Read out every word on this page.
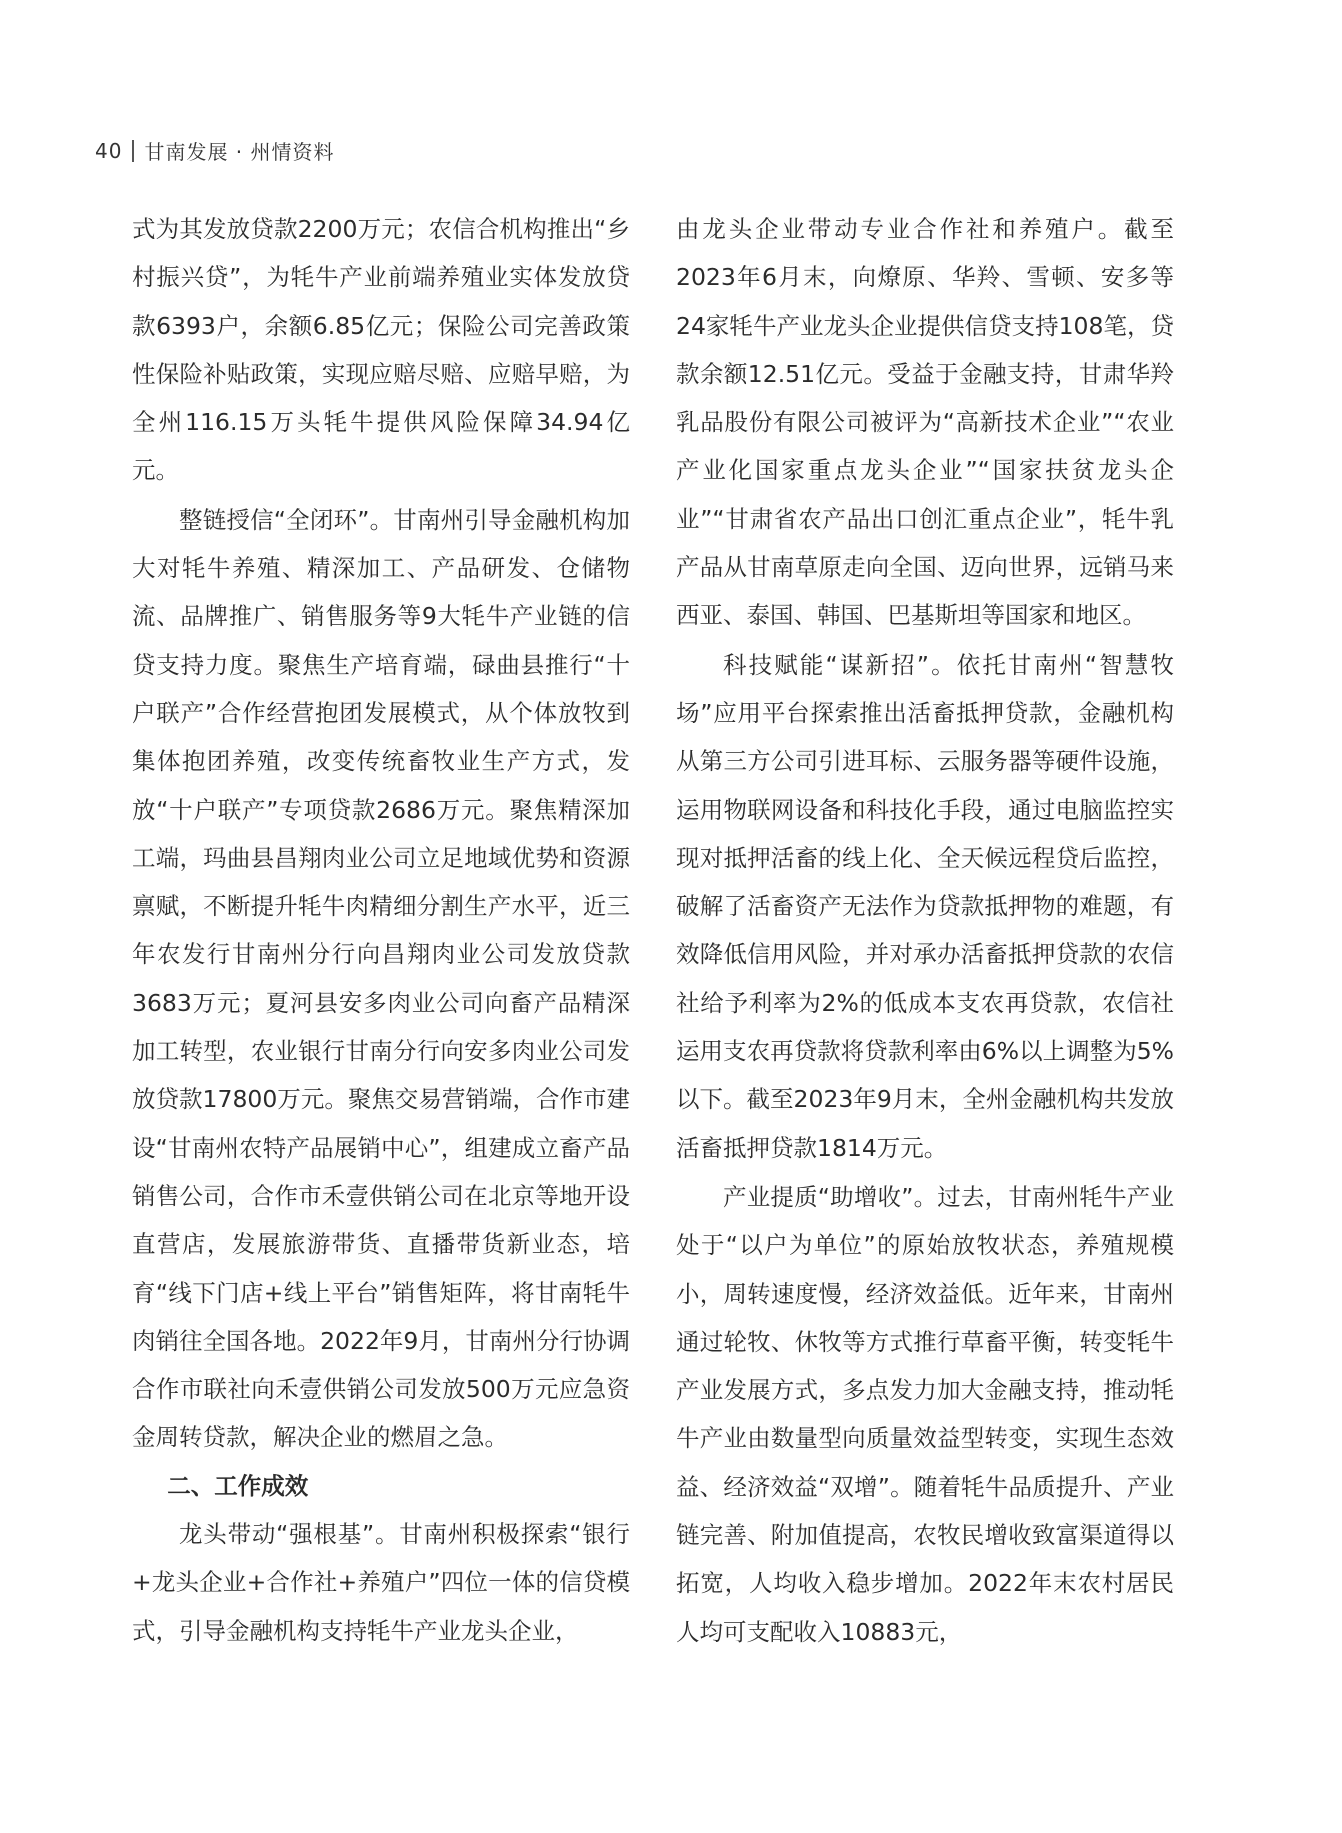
40 甘南发展 · 州情资料

式为其发放贷款2200万元；农信合机构推出“乡村振兴贷”，为牦牛产业前端养殖业实体发放贷款6393户，余额6.85亿元；保险公司完善政策性保险补贴政策，实现应赔尽赔、应赔早赔，为全州116.15万头牦牛提供风险保障34.94亿元。

整链授信“全闭环”。甘南州引导金融机构加大对牦牛养殖、精深加工、产品研发、仓储物流、品牌推广、销售服务等9大牦牛产业链的信贷支持力度。聚焦生产培育端，碌曲县推行“十户联产”合作经营抱团发展模式，从个体放牧到集体抱团养殖，改变传统畜牧业生产方式，发放“十户联产”专项贷款2686万元。聚焦精深加工端，玛曲县昌翔肉业公司立足地域优势和资源禀赋，不断提升牦牛肉精细分割生产水平，近三年农发行甘南州分行向昌翔肉业公司发放贷款3683万元；夏河县安多肉业公司向畜产品精深加工转型，农业银行甘南分行向安多肉业公司发放贷款17800万元。聚焦交易营销端，合作市建设“甘南州农特产品展销中心”，组建成立畜产品销售公司，合作市禾壹供销公司在北京等地开设直营店，发展旅游带货、直播带货新业态，培育“线下门店+线上平台”销售矩阵，将甘南牦牛肉销往全国各地。2022年9月，甘南州分行协调合作市联社向禾壹供销公司发放500万元应急资金周转贷款，解决企业的燃眉之急。

二、工作成效

龙头带动“强根基”。甘南州积极探索“银行+龙头企业+合作社+养殖户”四位一体的信贷模式，引导金融机构支持牦牛产业龙头企业，

由龙头企业带动专业合作社和养殖户。截至2023年6月末，向燎原、华羚、雪顿、安多等24家牦牛产业龙头企业提供信贷支持108笔，贷款余额12.51亿元。受益于金融支持，甘肃华羚乳品股份有限公司被评为“高新技术企业”“农业产业化国家重点龙头企业”“国家扶贫龙头企业”“甘肃省农产品出口创汇重点企业”，牦牛乳产品从甘南草原走向全国、迈向世界，远销马来西亚、泰国、韩国、巴基斯坦等国家和地区。

科技赋能“谋新招”。依托甘南州“智慧牧场”应用平台探索推出活畜抵押贷款，金融机构从第三方公司引进耳标、云服务器等硬件设施，运用物联网设备和科技化手段，通过电脑监控实现对抵押活畜的线上化、全天候远程贷后监控，破解了活畜资产无法作为贷款抵押物的难题，有效降低信用风险，并对承办活畜抵押贷款的农信社给予利率为2%的低成本支农再贷款，农信社运用支农再贷款将贷款利率由6%以上调整为5%以下。截至2023年9月末，全州金融机构共发放活畜抵押贷款1814万元。

产业提质“助增收”。过去，甘南州牦牛产业处于“以户为单位”的原始放牧状态，养殖规模小，周转速度慢，经济效益低。近年来，甘南州通过轮牧、休牧等方式推行草畜平衡，转变牦牛产业发展方式，多点发力加大金融支持，推动牦牛产业由数量型向质量效益型转变，实现生态效益、经济效益“双增”。随着牦牛品质提升、产业链完善、附加值提高，农牧民增收致富渠道得以拓宽，人均收入稳步增加。2022年末农村居民人均可支配收入10883元，
